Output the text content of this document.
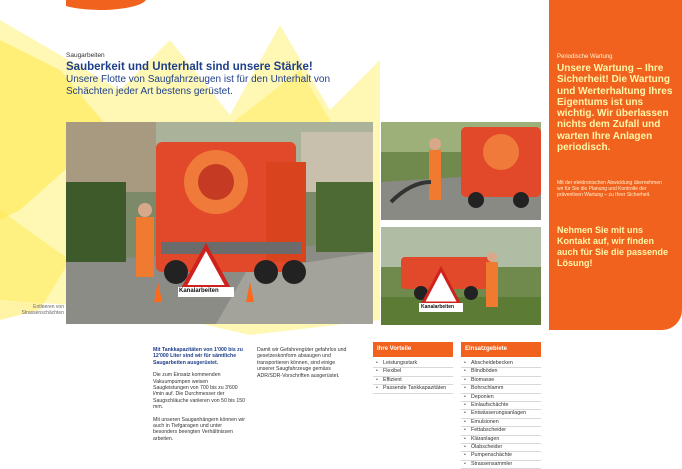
Saugarbeiten
Sauberkeit und Unterhalt sind unsere Stärke!
Unsere Flotte von Saugfahrzeugen ist für den Unterhalt von Schächten jeder Art bestens gerüstet.
Kanalarbeiten
Kanalarbeiten
Entleeren von Strassenschächten
Periodische Wartung
Unsere Wartung – Ihre Sicherheit! Die Wartung und Werterhaltung Ihres Eigentums ist uns wichtig. Wir überlassen nichts dem Zufall und warten Ihre Anlagen periodisch.
Mit der elektronischen Abwicklung übernehmen wir für Sie die Planung und Kontrolle der präventiven Wartung – zu Ihrer Sicherheit.
Nehmen Sie mit uns Kontakt auf, wir finden auch für Sie die passende Lösung!
Mit Tankkapazitäten von 1'000 bis zu 12'000 Liter sind wir für sämtliche Saugarbeiten ausgerüstet.

Die zum Einsatz kommenden Vakuumpumpen weisen Saugleistungen von 700 bis zu 3'600 l/min auf. Die Durchmesser der Saugschläuche variieren von 50 bis 150 mm.

Mit unseren Sauganhängern können wir auch in Tiefgaragen und unter besonders beengten Verhältnissen arbeiten.

Damit wir Gefahrengüter gefahrlos und gesetzeskonform absaugen und transportieren können, sind einige unserer Saugfahrzeuge gemäss ADR/SDR-Vorschriften ausgerüstet.

Ihre Vorteile
• Leistungsstark
• Flexibel
• Effizient
• Passende Tankkapazitäten
Einsatzgebiete
• Abscheidebecken
• Blindböden
• Biomasse
• Bohrschlamm
• Deponien
• Einlaufschächte
• Entwässerungsanlagen
• Emulsionen
• Fettabscheider
• Kläranlagen
• Ölabscheider
• Pumpenschächte
• Strassensammler
